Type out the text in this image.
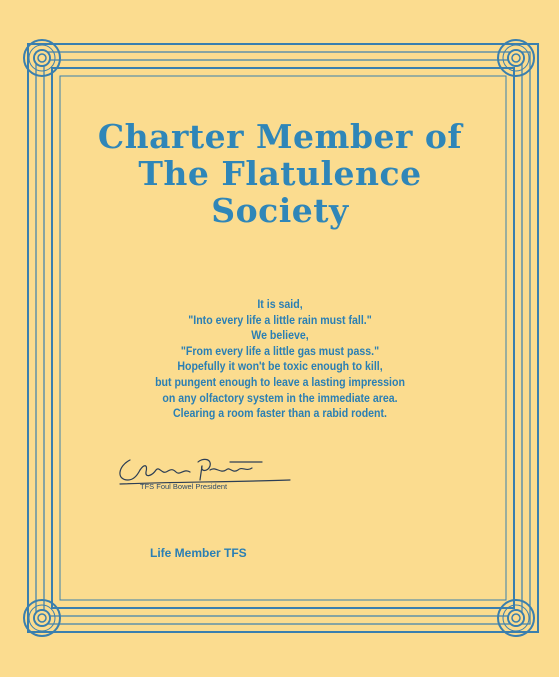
Charter Member of
The Flatulence
Society
It is said,
"Into every life a little rain must fall."
We believe,
"From every life a little gas must pass."
Hopefully it won't be toxic enough to kill,
but pungent enough to leave a lasting impression
on any olfactory system in the immediate area.
Clearing a room faster than a rabid rodent.
TFS Foul Bowel President
Life Member TFS
